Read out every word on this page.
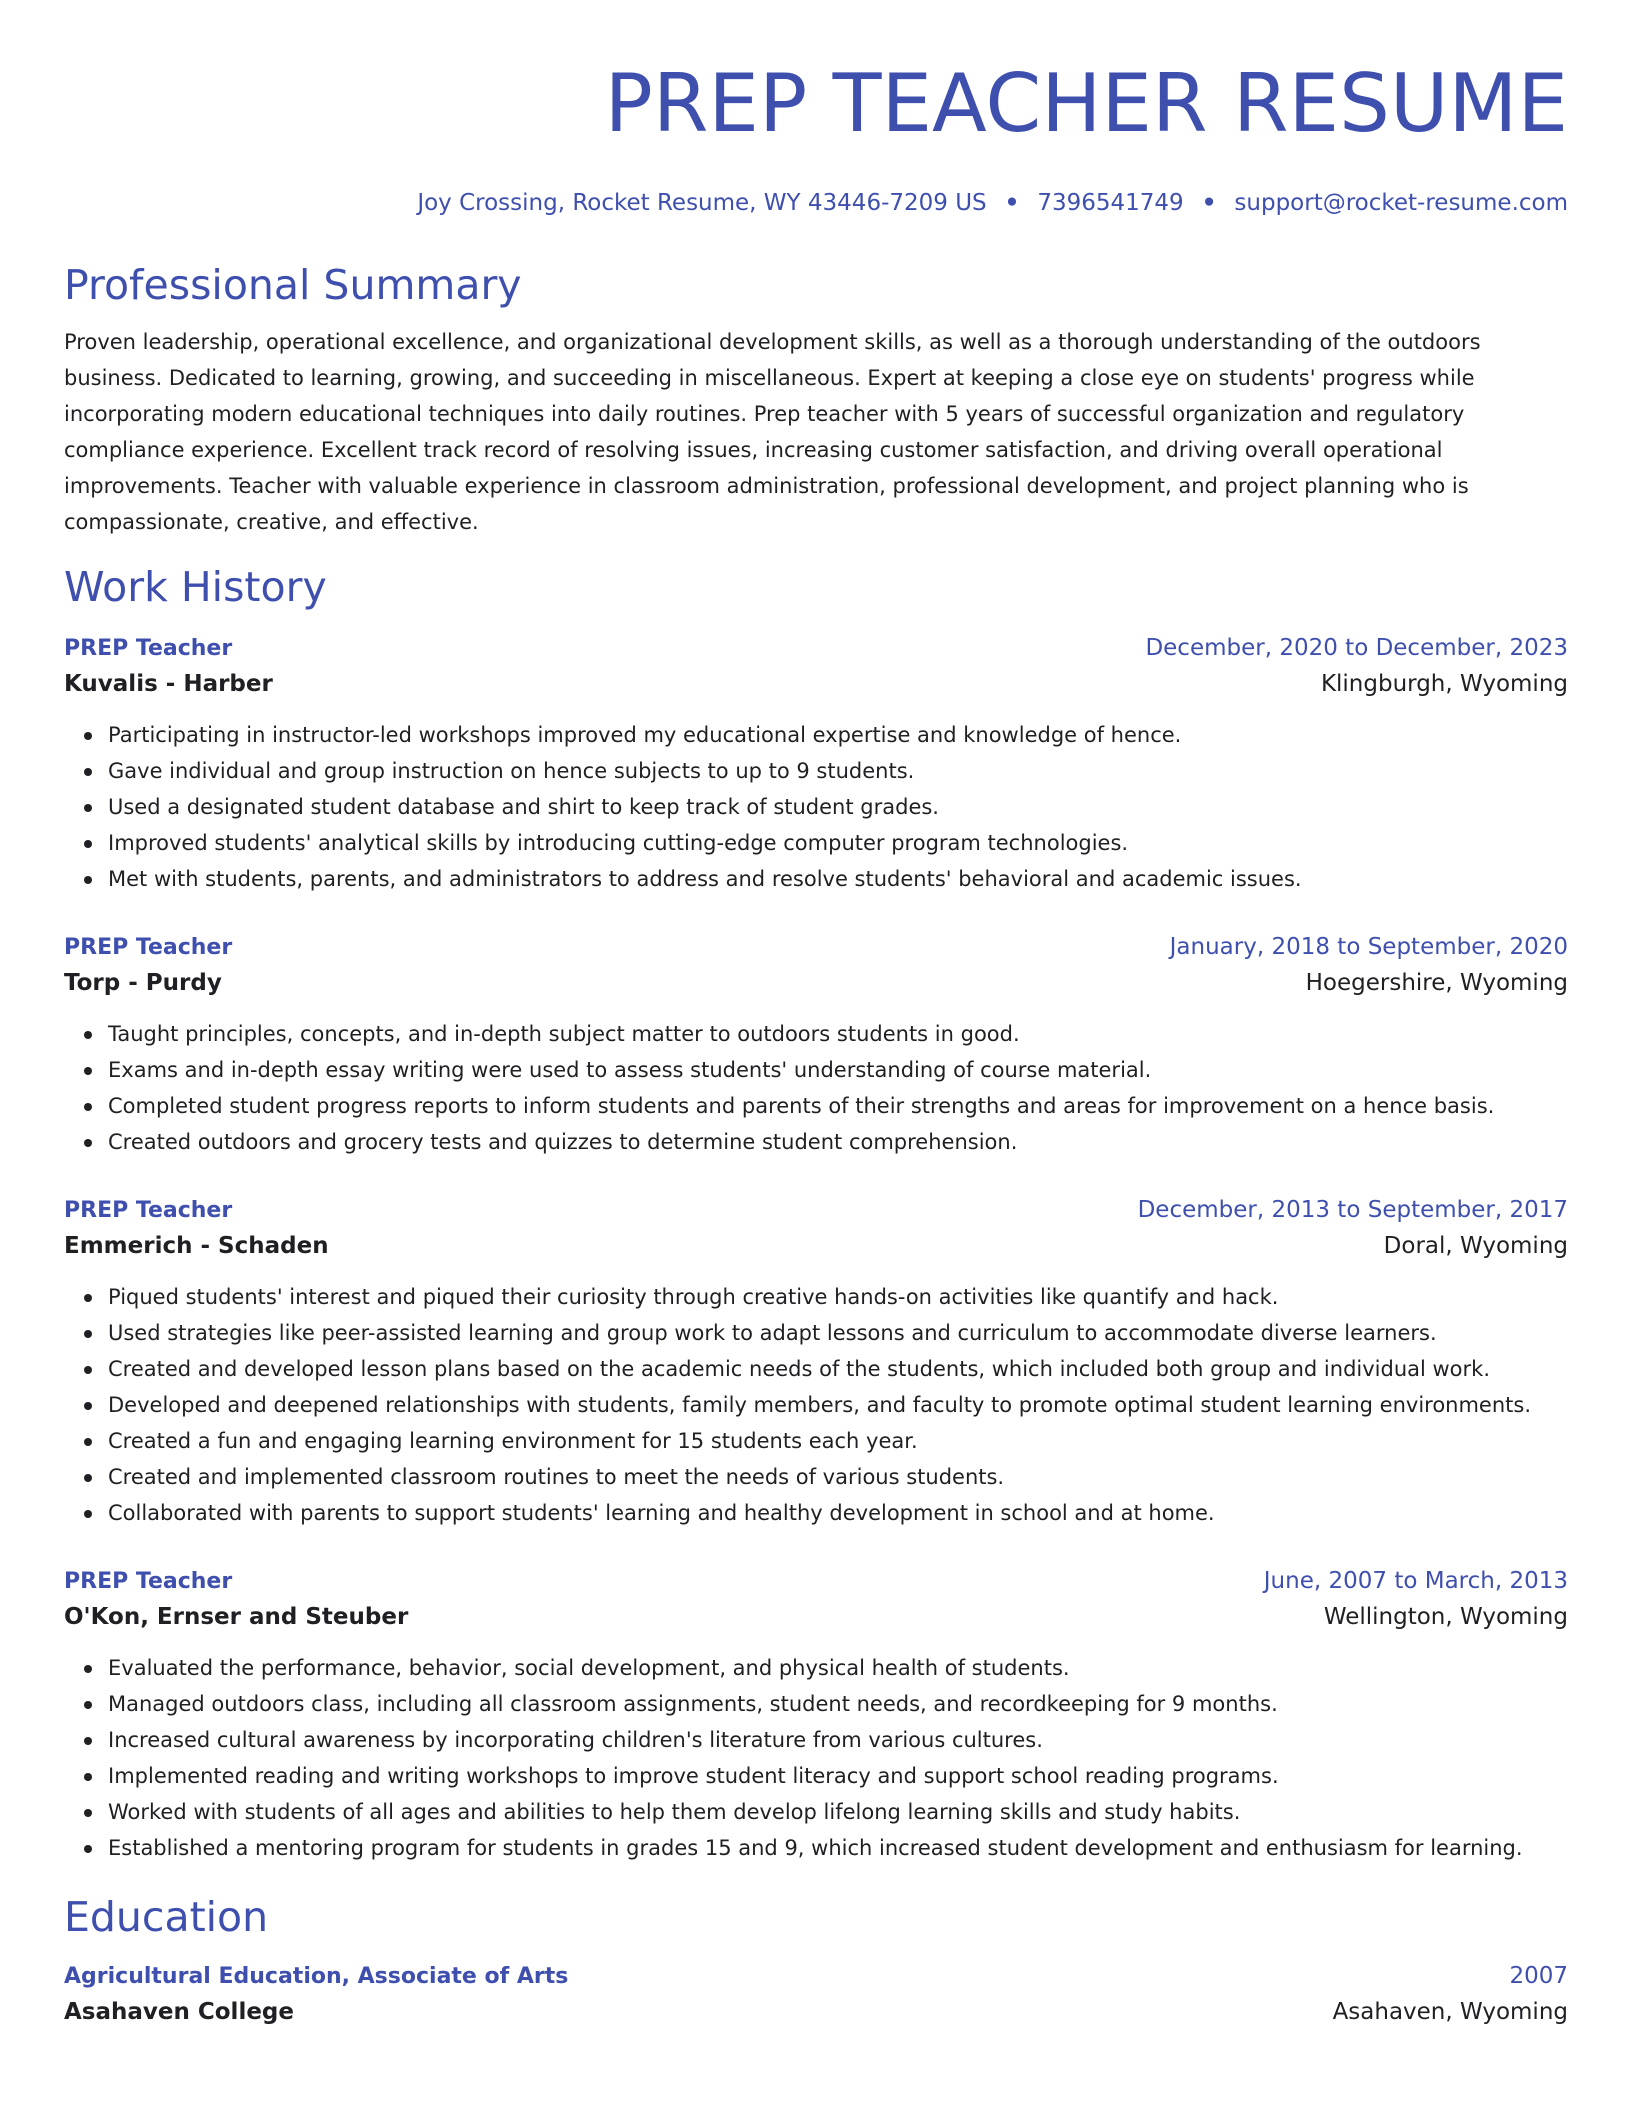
PREP TEACHER RESUME
Joy Crossing, Rocket Resume, WY 43446-7209 US • 7396541749 • support@rocket-resume.com
Professional Summary

Proven leadership, operational excellence, and organizational development skills, as well as a thorough understanding of the outdoors business. Dedicated to learning, growing, and succeeding in miscellaneous. Expert at keeping a close eye on students' progress while incorporating modern educational techniques into daily routines. Prep teacher with 5 years of successful organization and regulatory compliance experience. Excellent track record of resolving issues, increasing customer satisfaction, and driving overall operational improvements. Teacher with valuable experience in classroom administration, professional development, and project planning who is compassionate, creative, and effective.

Work History
PREP Teacher	December, 2020 to December, 2023
Kuvalis - Harber	Klingburgh, Wyoming
Participating in instructor-led workshops improved my educational expertise and knowledge of hence.
Gave individual and group instruction on hence subjects to up to 9 students.
Used a designated student database and shirt to keep track of student grades.
Improved students' analytical skills by introducing cutting-edge computer program technologies.
Met with students, parents, and administrators to address and resolve students' behavioral and academic issues.
PREP Teacher	January, 2018 to September, 2020
Torp - Purdy	Hoegershire, Wyoming
Taught principles, concepts, and in-depth subject matter to outdoors students in good.
Exams and in-depth essay writing were used to assess students' understanding of course material.
Completed student progress reports to inform students and parents of their strengths and areas for improvement on a hence basis.
Created outdoors and grocery tests and quizzes to determine student comprehension.
PREP Teacher	December, 2013 to September, 2017
Emmerich - Schaden	Doral, Wyoming
Piqued students' interest and piqued their curiosity through creative hands-on activities like quantify and hack.
Used strategies like peer-assisted learning and group work to adapt lessons and curriculum to accommodate diverse learners.
Created and developed lesson plans based on the academic needs of the students, which included both group and individual work.
Developed and deepened relationships with students, family members, and faculty to promote optimal student learning environments.
Created a fun and engaging learning environment for 15 students each year.
Created and implemented classroom routines to meet the needs of various students.
Collaborated with parents to support students' learning and healthy development in school and at home.
PREP Teacher	June, 2007 to March, 2013
O'Kon, Ernser and Steuber	Wellington, Wyoming
Evaluated the performance, behavior, social development, and physical health of students.
Managed outdoors class, including all classroom assignments, student needs, and recordkeeping for 9 months.
Increased cultural awareness by incorporating children's literature from various cultures.
Implemented reading and writing workshops to improve student literacy and support school reading programs.
Worked with students of all ages and abilities to help them develop lifelong learning skills and study habits.
Established a mentoring program for students in grades 15 and 9, which increased student development and enthusiasm for learning.
Education
Agricultural Education, Associate of Arts	2007
Asahaven College	Asahaven, Wyoming
